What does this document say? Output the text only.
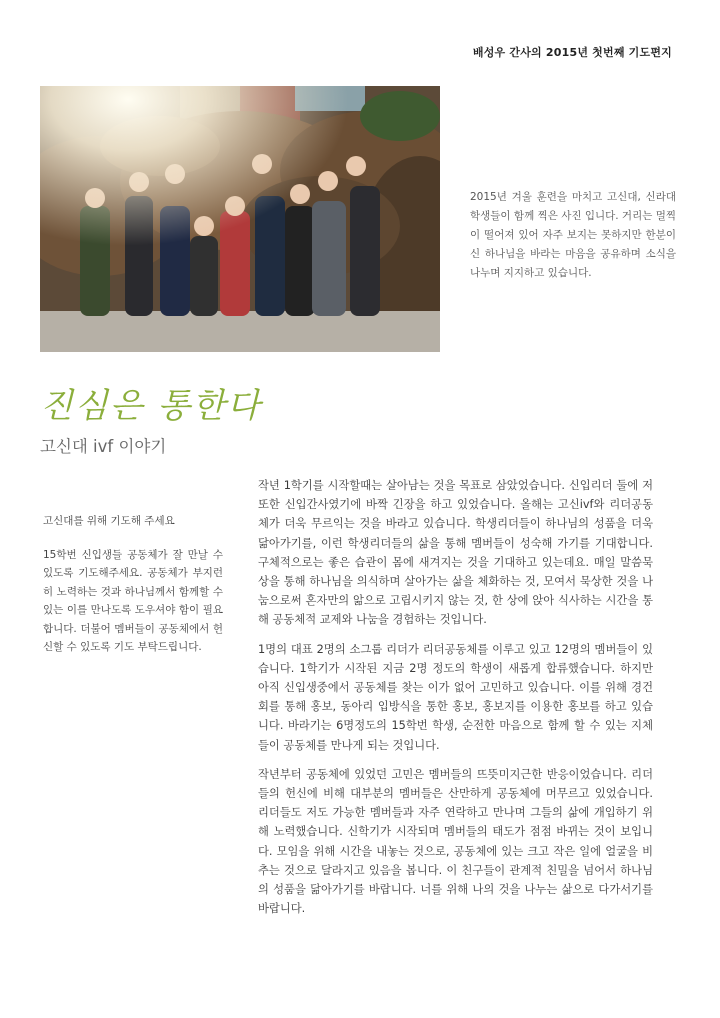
배성우 간사의 2015년 첫번째 기도편지
2015년 겨울 훈련을 마치고 고신대, 신라대 학생들이 함께 찍은 사진 입니다. 거리는 멀찍이 떨어져 있어 자주 보지는 못하지만 한분이신 하나님을 바라는 마음을 공유하며 소식을 나누며 지지하고 있습니다.
진심은 통한다
고신대 ivf 이야기

고신대를 위해 기도해 주세요

15학번 신입생들 공동체가 잘 만날 수 있도록 기도해주세요. 공동체가 부지런히 노력하는 것과 하나님께서 함께할 수 있는 이를 만나도록 도우셔야 함이 필요합니다. 더불어 멤버들이 공동체에서 헌신할 수 있도록 기도 부탁드립니다.

작년 1학기를 시작할때는 살아남는 것을 목표로 삼았었습니다. 신입리더 둘에 저 또한 신입간사였기에 바짝 긴장을 하고 있었습니다. 올해는 고신ivf와 리더공동체가 더욱 무르익는 것을 바라고 있습니다. 학생리더들이 하나님의 성품을 더욱 닮아가기를, 이런 학생리더들의 삶을 통해 멤버들이 성숙해 가기를 기대합니다. 구체적으로는 좋은 습관이 몸에 새겨지는 것을 기대하고 있는데요. 매일 말씀묵상을 통해 하나님을 의식하며 살아가는 삶을 체화하는 것, 모여서 묵상한 것을 나눔으로써 혼자만의 앎으로 고립시키지 않는 것, 한 상에 앉아 식사하는 시간을 통해 공동체적 교제와 나눔을 경험하는 것입니다.

1명의 대표 2명의 소그룹 리더가 리더공동체를 이루고 있고 12명의 멤버들이 있습니다. 1학기가 시작된 지금 2명 정도의 학생이 새롭게 합류했습니다. 하지만 아직 신입생중에서 공동체를 찾는 이가 없어 고민하고 있습니다. 이를 위해 경건회를 통해 홍보, 동아리 입방식을 통한 홍보, 홍보지를 이용한 홍보를 하고 있습니다. 바라기는 6명정도의 15학번 학생, 순전한 마음으로 함께 할 수 있는 지체들이 공동체를 만나게 되는 것입니다.

작년부터 공동체에 있었던 고민은 멤버들의 뜨뜻미지근한 반응이었습니다. 리더들의 헌신에 비해 대부분의 멤버들은 산만하게 공동체에 머무르고 있었습니다. 리더들도 저도 가능한 멤버들과 자주 연락하고 만나며 그들의 삶에 개입하기 위해 노력했습니다. 신학기가 시작되며 멤버들의 태도가 점점 바뀌는 것이 보입니다. 모임을 위해 시간을 내놓는 것으로, 공동체에 있는 크고 작은 일에 얼굴을 비추는 것으로 달라지고 있음을 봅니다. 이 친구들이 관계적 친밀을 넘어서 하나님의 성품을 닮아가기를 바랍니다. 너를 위해 나의 것을 나누는 삶으로 다가서기를 바랍니다.
